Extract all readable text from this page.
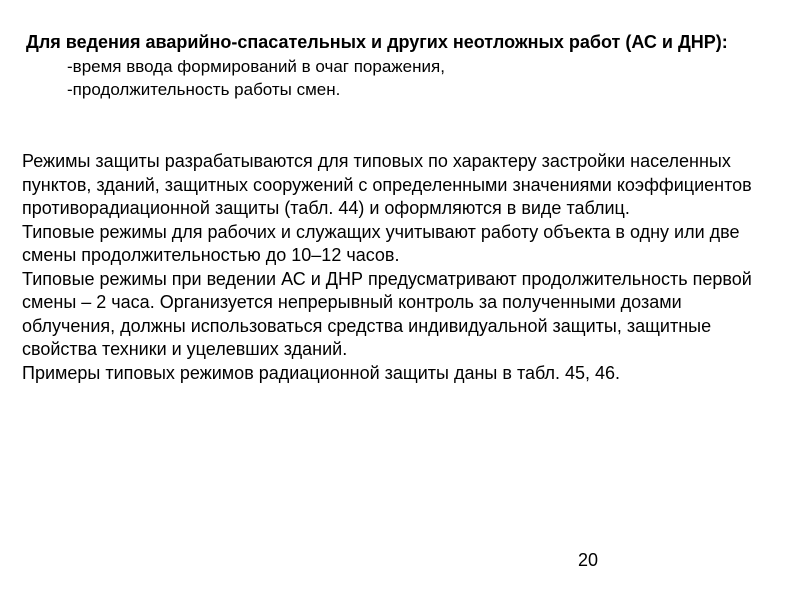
Для ведения аварийно-спасательных и других неотложных работ (АС и ДНР):

-время ввода формирований в очаг поражения,
-продолжительность работы смен.

Режимы защиты разрабатываются для типовых по характеру застройки населенных пунктов, зданий, защитных сооружений с определенными значениями коэффициентов противорадиационной защиты (табл. 44) и оформляются в виде таблиц.

Типовые режимы для рабочих и служащих учитывают работу объекта в одну или две смены продолжительностью до 10–12 часов.

Типовые режимы при ведении АС и ДНР предусматривают продолжительность первой смены – 2 часа. Организуется непрерывный контроль за полученными дозами облучения, должны использоваться средства индивидуальной защиты, защитные свойства техники и уцелевших зданий.

Примеры типовых режимов радиационной защиты даны в табл. 45, 46.

20
